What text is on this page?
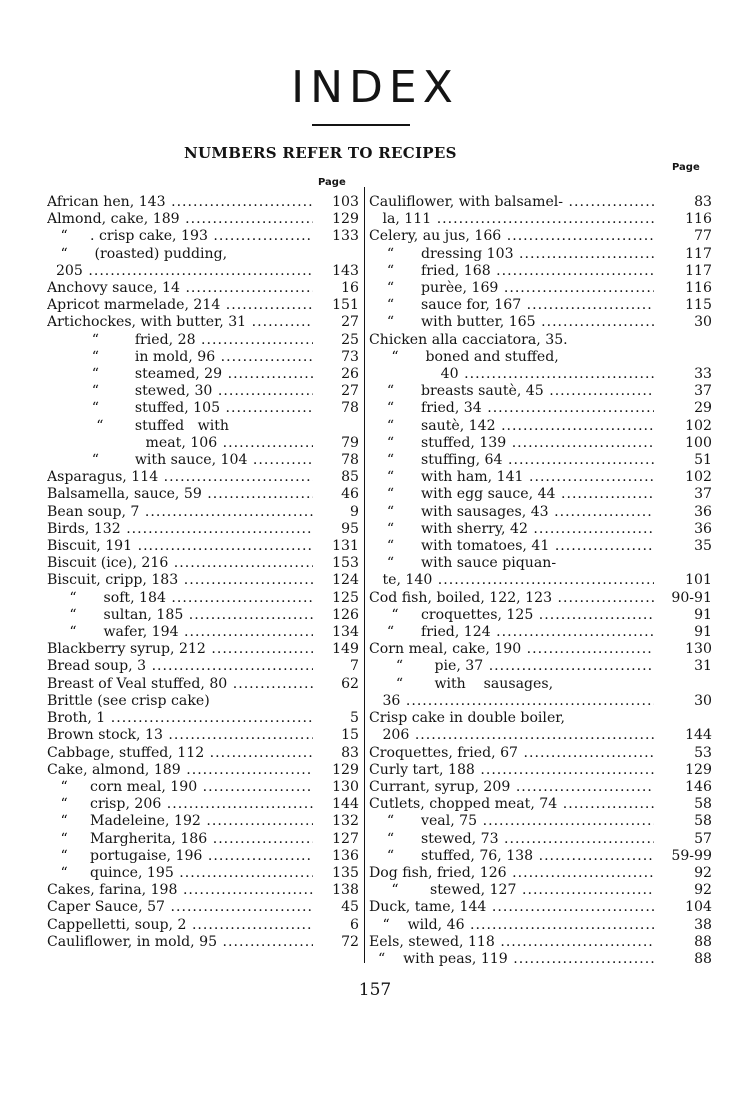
INDEX
NUMBERS REFER TO RECIPES
Page
Page
African hen, 143 .....	103
Almond, cake, 189 .....	129
“     . crisp cake, 193 .....	133
“      (roasted) pudding,
205 .....	143
Anchovy sauce, 14 .....	16
Apricot marmelade, 214 .....	151
Artichockes, with butter, 31 .....	27
“        fried, 28 .....	25
“        in mold, 96 .....	73
“        steamed, 29 .....	26
“        stewed, 30 .....	27
“        stuffed, 105 .....	78
“       stuffed   with
meat, 106 .....	79
“        with sauce, 104 .....	78
Asparagus, 114 .....	85
Balsamella, sauce, 59 .....	46
Bean soup, 7 .....	9
Birds, 132 .....	95
Biscuit, 191 .....	131
Biscuit (ice), 216 .....	153
Biscuit, cripp, 183 .....	124
“      soft, 184 .....	125
“      sultan, 185 .....	126
“      wafer, 194 .....	134
Blackberry syrup, 212 .....	149
Bread soup, 3 .....	7
Breast of Veal stuffed, 80 .....	62
Brittle (see crisp cake)
Broth, 1 .....	5
Brown stock, 13 .....	15
Cabbage, stuffed, 112 .....	83
Cake, almond, 189 .....	129
“     corn meal, 190 .....	130
“     crisp, 206 .....	144
“     Madeleine, 192 .....	132
“     Margherita, 186 .....	127
“     portugaise, 196 .....	136
“     quince, 195 .....	135
Cakes, farina, 198 .....	138
Caper Sauce, 57 .....	45
Cappelletti, soup, 2 .....	6
Cauliflower, in mold, 95 .....	72
Cauliflower, with balsamel- .....	83
la, 111 .....	116
Celery, au jus, 166 .....	77
“      dressing 103 .....	117
“      fried, 168 .....	117
“      purèe, 169 .....	116
“      sauce for, 167 .....	115
“      with butter, 165 .....	30
Chicken alla cacciatora, 35.
“      boned and stuffed,
40 .....	33
“      breasts sautè, 45 .....	37
“      fried, 34 .....	29
“      sautè, 142 .....	102
“      stuffed, 139 .....	100
“      stuffing, 64 .....	51
“      with ham, 141 .....	102
“      with egg sauce, 44 .....	37
“      with sausages, 43 .....	36
“      with sherry, 42 .....	36
“      with tomatoes, 41 .....	35
“      with sauce piquan-
te, 140 .....	101
Cod fish, boiled, 122, 123 .....	90-91
“     croquettes, 125 .....	91
“      fried, 124 .....	91
Corn meal, cake, 190 .....	130
“       pie, 37 .....	31
“       with    sausages,
36 .....	30
Crisp cake in double boiler,
206 .....	144
Croquettes, fried, 67 .....	53
Curly tart, 188 .....	129
Currant, syrup, 209 .....	146
Cutlets, chopped meat, 74 .....	58
“      veal, 75 .....	58
“      stewed, 73 .....	57
“      stuffed, 76, 138 .....	59-99
Dog fish, fried, 126 .....	92
“       stewed, 127 .....	92
Duck, tame, 144 .....	104
“    wild, 46 .....	38
Eels, stewed, 118 .....	88
“    with peas, 119 .....	88
157
